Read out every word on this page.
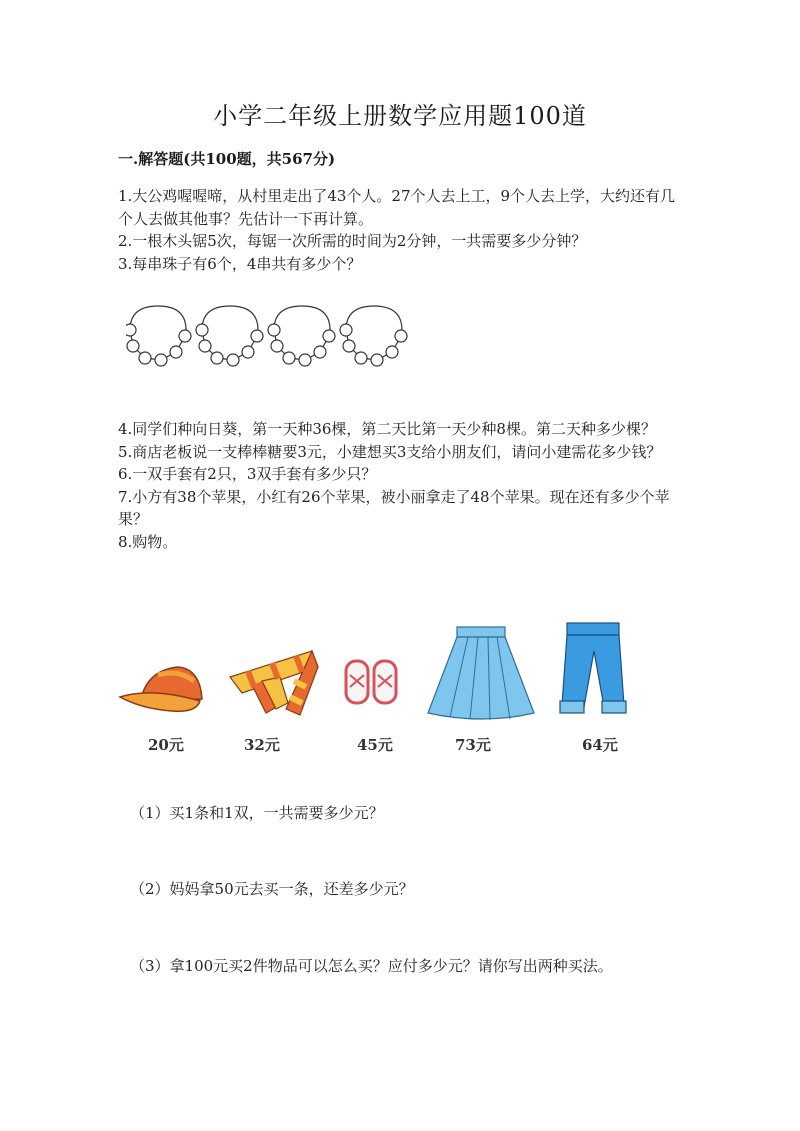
小学二年级上册数学应用题100道
一.解答题(共100题，共567分)

1.大公鸡喔喔啼，从村里走出了43个人。27个人去上工，9个人去上学，大约还有几个人去做其他事？先估计一下再计算。

2.一根木头锯5次，每锯一次所需的时间为2分钟，一共需要多少分钟？

3.每串珠子有6个，4串共有多少个？

4.同学们种向日葵，第一天种36棵，第二天比第一天少种8棵。第二天种多少棵？

5.商店老板说一支棒棒糖要3元，小建想买3支给小朋友们，请问小建需花多少钱？

6.一双手套有2只，3双手套有多少只？

7.小方有38个苹果，小红有26个苹果，被小丽拿走了48个苹果。现在还有多少个苹果？

8.购物。

20元	32元	45元	73元	64元
（1）买1条和1双，一共需要多少元？
（2）妈妈拿50元去买一条，还差多少元？
（3）拿100元买2件物品可以怎么买？应付多少元？请你写出两种买法。
